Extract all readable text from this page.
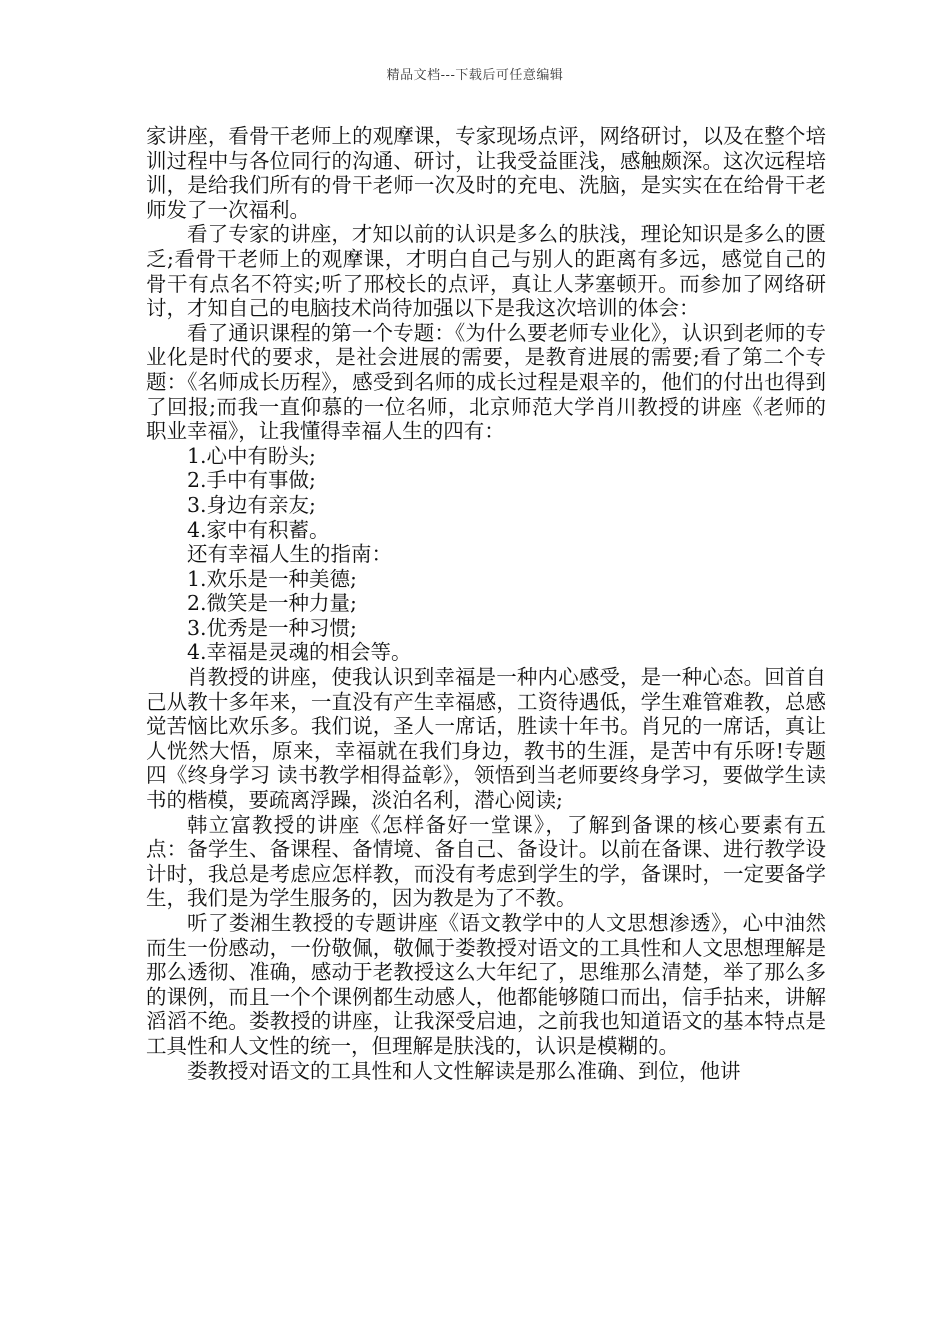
精品文档---下载后可任意编辑

家讲座，看骨干老师上的观摩课，专家现场点评，网络研讨，以及在整个培训过程中与各位同行的沟通、研讨，让我受益匪浅，感触颇深。这次远程培训，是给我们所有的骨干老师一次及时的充电、洗脑，是实实在在给骨干老师发了一次福利。

看了专家的讲座，才知以前的认识是多么的肤浅，理论知识是多么的匮乏;看骨干老师上的观摩课，才明白自己与别人的距离有多远，感觉自己的骨干有点名不符实;听了邢校长的点评，真让人茅塞顿开。而参加了网络研讨，才知自己的电脑技术尚待加强以下是我这次培训的体会：

看了通识课程的第一个专题：《为什么要老师专业化》，认识到老师的专业化是时代的要求，是社会进展的需要，是教育进展的需要;看了第二个专题：《名师成长历程》，感受到名师的成长过程是艰辛的，他们的付出也得到了回报;而我一直仰慕的一位名师，北京师范大学肖川教授的讲座《老师的职业幸福》，让我懂得幸福人生的四有：

1.心中有盼头;

2.手中有事做;

3.身边有亲友;

4.家中有积蓄。

还有幸福人生的指南：

1.欢乐是一种美德;

2.微笑是一种力量;

3.优秀是一种习惯;

4.幸福是灵魂的相会等。

肖教授的讲座，使我认识到幸福是一种内心感受，是一种心态。回首自己从教十多年来，一直没有产生幸福感，工资待遇低，学生难管难教，总感觉苦恼比欢乐多。我们说，圣人一席话，胜读十年书。肖兄的一席话，真让人恍然大悟，原来，幸福就在我们身边，教书的生涯，是苦中有乐呀!专题四《终身学习 读书教学相得益彰》，领悟到当老师要终身学习，要做学生读书的楷模，要疏离浮躁，淡泊名利，潜心阅读;

韩立富教授的讲座《怎样备好一堂课》，了解到备课的核心要素有五点：备学生、备课程、备情境、备自己、备设计。以前在备课、进行教学设计时，我总是考虑应怎样教，而没有考虑到学生的学，备课时，一定要备学生，我们是为学生服务的，因为教是为了不教。

听了娄湘生教授的专题讲座《语文教学中的人文思想渗透》，心中油然而生一份感动，一份敬佩，敬佩于娄教授对语文的工具性和人文思想理解是那么透彻、准确，感动于老教授这么大年纪了，思维那么清楚，举了那么多的课例，而且一个个课例都生动感人，他都能够随口而出，信手拈来，讲解滔滔不绝。娄教授的讲座，让我深受启迪，之前我也知道语文的基本特点是工具性和人文性的统一，但理解是肤浅的，认识是模糊的。

娄教授对语文的工具性和人文性解读是那么准确、到位，他讲
